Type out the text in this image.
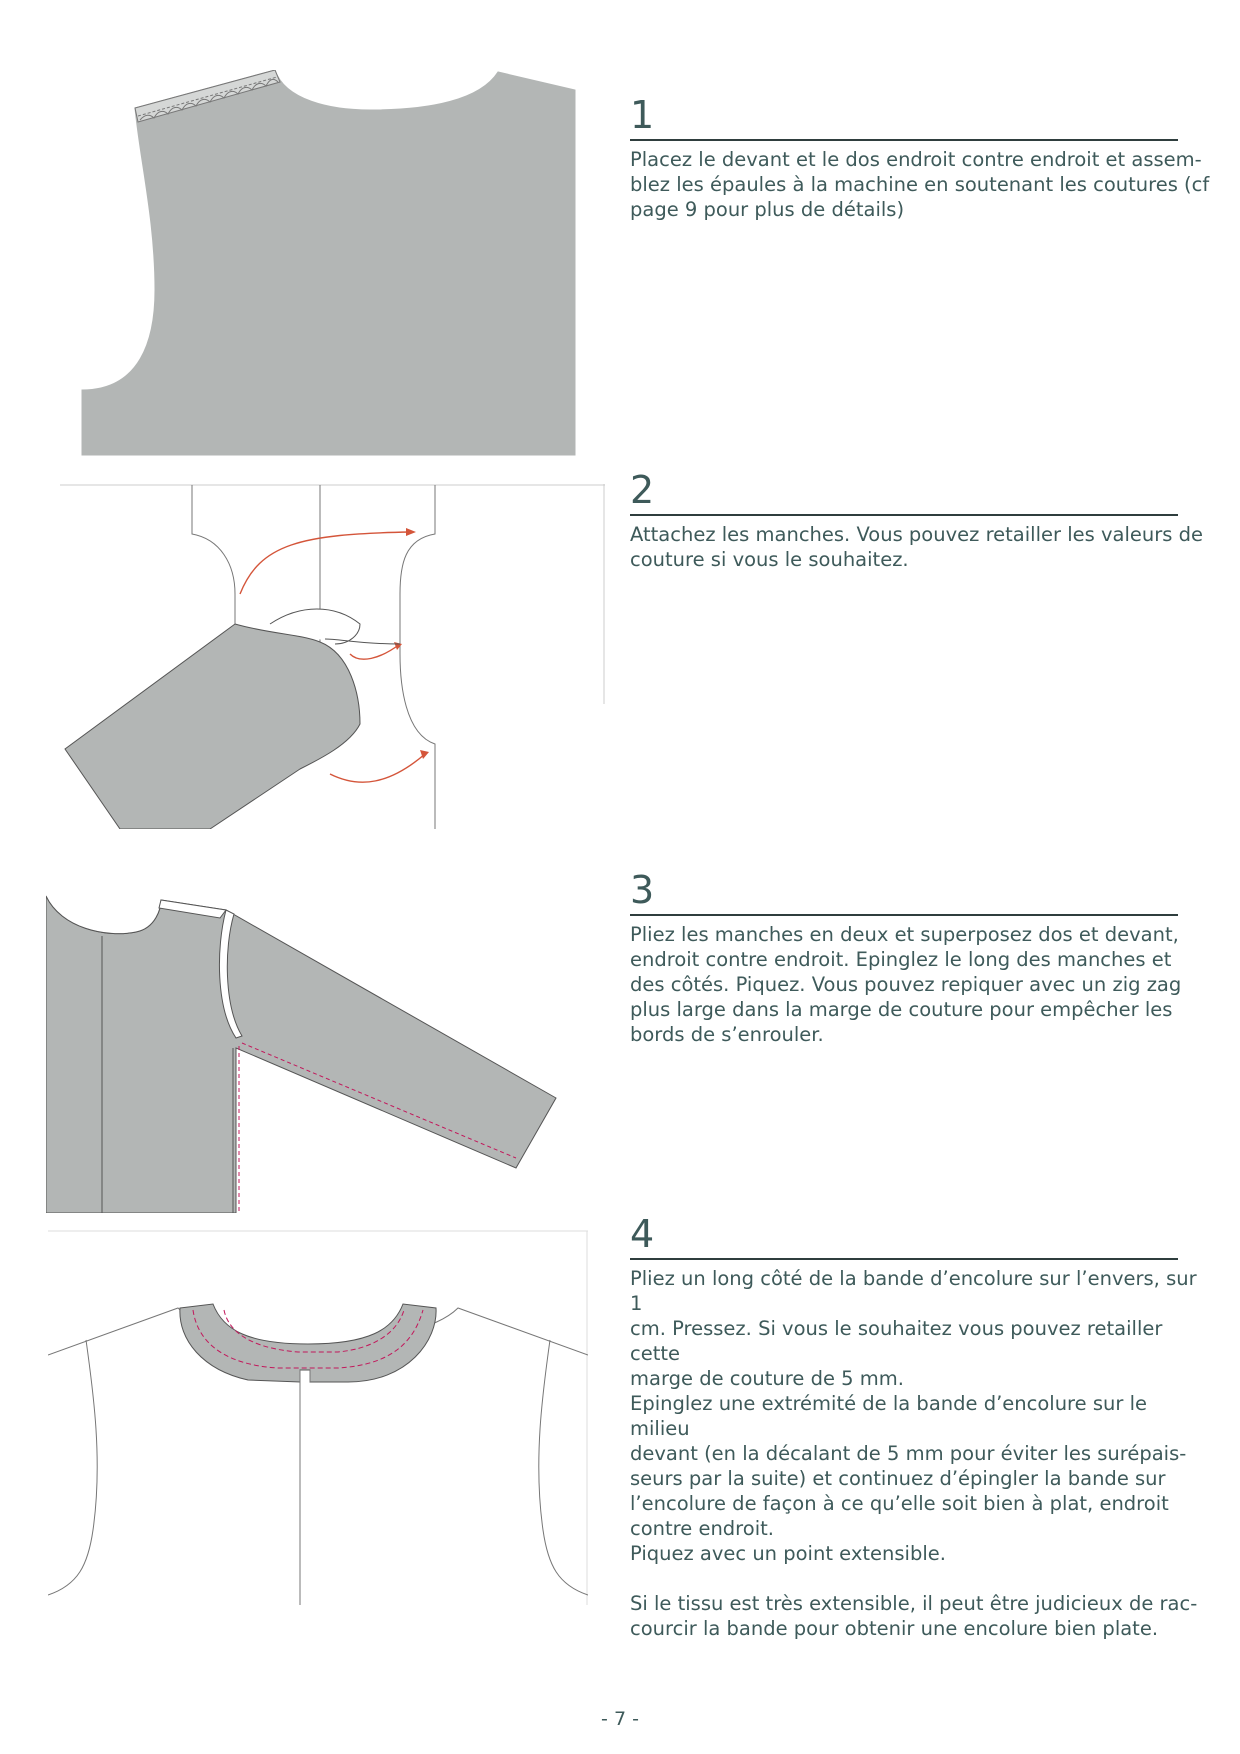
1

Placez le devant et le dos endroit contre endroit et assem-

blez les épaules à la machine en soutenant les coutures (cf

page 9 pour plus de détails)

2

Attachez les manches. Vous pouvez retailler les valeurs de

couture si vous le souhaitez.

3

Pliez les manches en deux et superposez dos et devant,

endroit contre endroit. Epinglez le long des manches et

des côtés. Piquez. Vous pouvez repiquer avec un zig zag

plus large dans la marge de couture pour empêcher les

bords de s’enrouler.

4

Pliez un long côté de la bande d’encolure sur l’envers, sur 1

cm. Pressez. Si vous le souhaitez vous pouvez retailler cette

marge de couture de 5 mm.

Epinglez une extrémité de la bande d’encolure sur le milieu

devant (en la décalant de 5 mm pour éviter les surépais-

seurs par la suite) et continuez d’épingler la bande sur

l’encolure de façon à ce qu’elle soit bien à plat, endroit

contre endroit.

Piquez avec un point extensible.

Si le tissu est très extensible, il peut être judicieux de rac-

courcir la bande pour obtenir une encolure bien plate.

- 7 -
